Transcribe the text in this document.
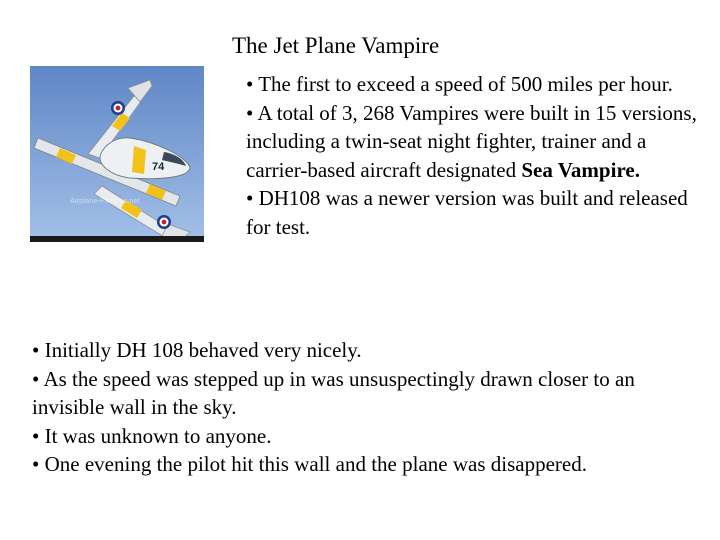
The Jet Plane Vampire
74
Airplane-Pictures.net
• The first to exceed a speed of 500 miles per hour.
• A total of 3, 268 Vampires were built in 15 versions, including a twin-seat night fighter, trainer and a carrier-based aircraft designated Sea Vampire.
• DH108 was a newer version was built and released for test.
• Initially DH 108 behaved very nicely.
• As the speed was stepped up in was unsuspectingly drawn closer to an invisible wall in the sky.
• It was unknown to anyone.
• One evening the pilot hit this wall and the plane was disappered.
